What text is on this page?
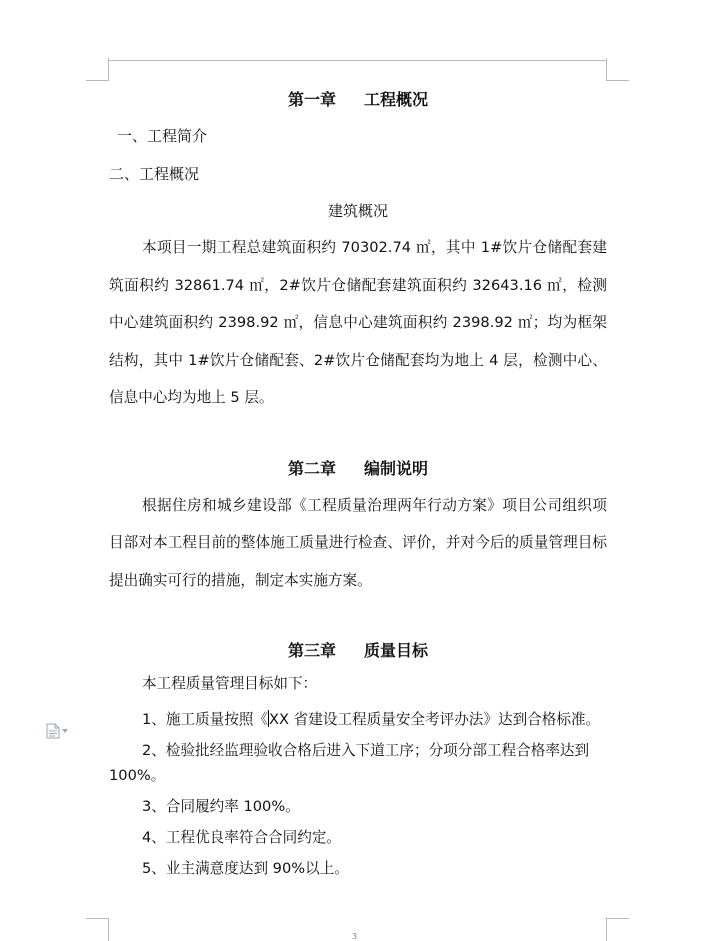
第一章 工程概况

一、工程简介

二、工程概况

建筑概况

本项目一期工程总建筑面积约 70302.74 ㎡，其中 1#饮片仓储配套建筑面积约 32861.74 ㎡，2#饮片仓储配套建筑面积约 32643.16 ㎡，检测中心建筑面积约 2398.92 ㎡，信息中心建筑面积约 2398.92 ㎡；均为框架结构，其中 1#饮片仓储配套、2#饮片仓储配套均为地上 4 层，检测中心、信息中心均为地上 5 层。

第二章 编制说明

根据住房和城乡建设部《工程质量治理两年行动方案》项目公司组织项目部对本工程目前的整体施工质量进行检查、评价，并对今后的质量管理目标提出确实可行的措施，制定本实施方案。

第三章 质量目标

本工程质量管理目标如下：

1、施工质量按照《XX 省建设工程质量安全考评办法》达到合格标准。

2、检验批经监理验收合格后进入下道工序；分项分部工程合格率达到 100%。

3、合同履约率 100%。

4、工程优良率符合合同约定。

5、业主满意度达到 90%以上。

3
